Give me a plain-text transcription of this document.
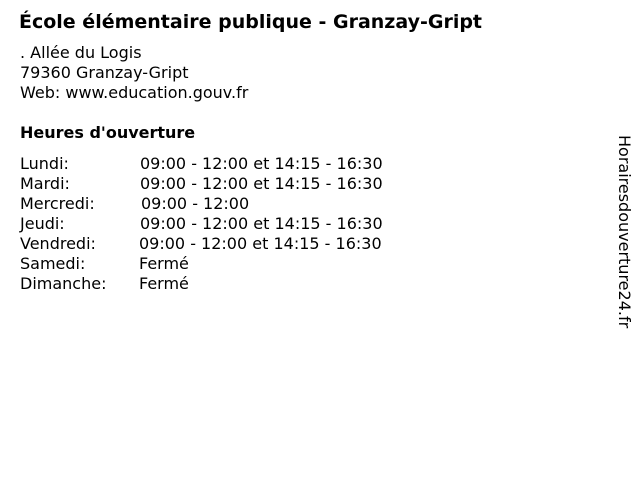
École élémentaire publique - Granzay-Gript
. Allée du Logis
79360 Granzay-Gript
Web: www.education.gouv.fr
Heures d'ouverture
Lundi:	09:00 - 12:00 et 14:15 - 16:30
Mardi:	09:00 - 12:00 et 14:15 - 16:30
Mercredi:	09:00 - 12:00
Jeudi:	09:00 - 12:00 et 14:15 - 16:30
Vendredi:	09:00 - 12:00 et 14:15 - 16:30
Samedi:	Fermé
Dimanche: Fermé	Horairesdouverture24.fr
